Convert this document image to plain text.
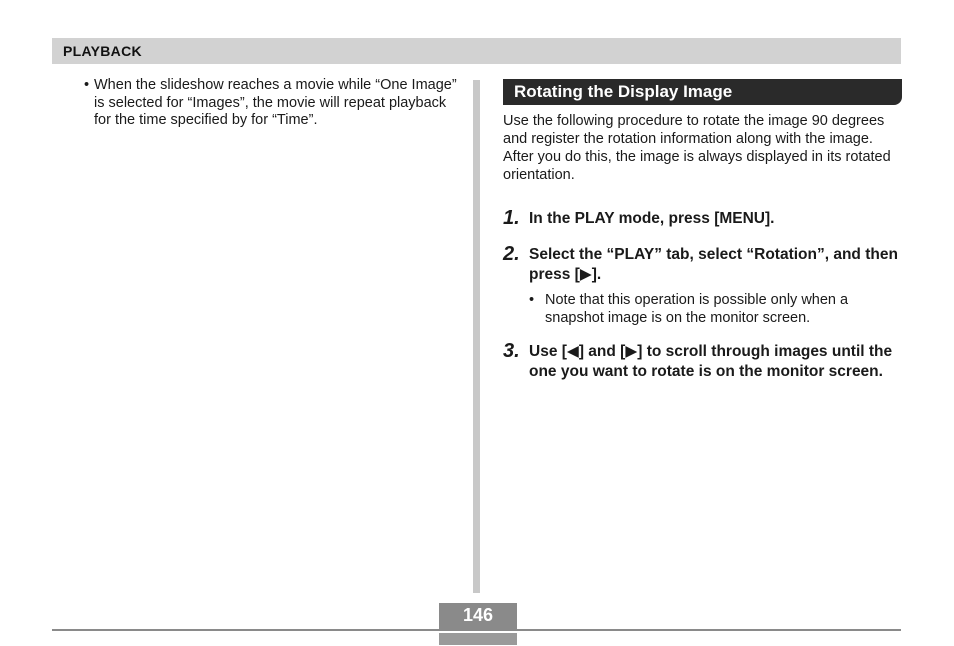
PLAYBACK
• When the slideshow reaches a movie while “One Image” is selected for “Images”, the movie will repeat playback for the time specified by for “Time”.
Rotating the Display Image
Use the following procedure to rotate the image 90 degrees and register the rotation information along with the image. After you do this, the image is always displayed in its rotated orientation.
1. In the PLAY mode, press [MENU].
2. Select the “PLAY” tab, select “Rotation”, and then press [▶].
• Note that this operation is possible only when a snapshot image is on the monitor screen.
3. Use [◀] and [▶] to scroll through images until the one you want to rotate is on the monitor screen.
146
